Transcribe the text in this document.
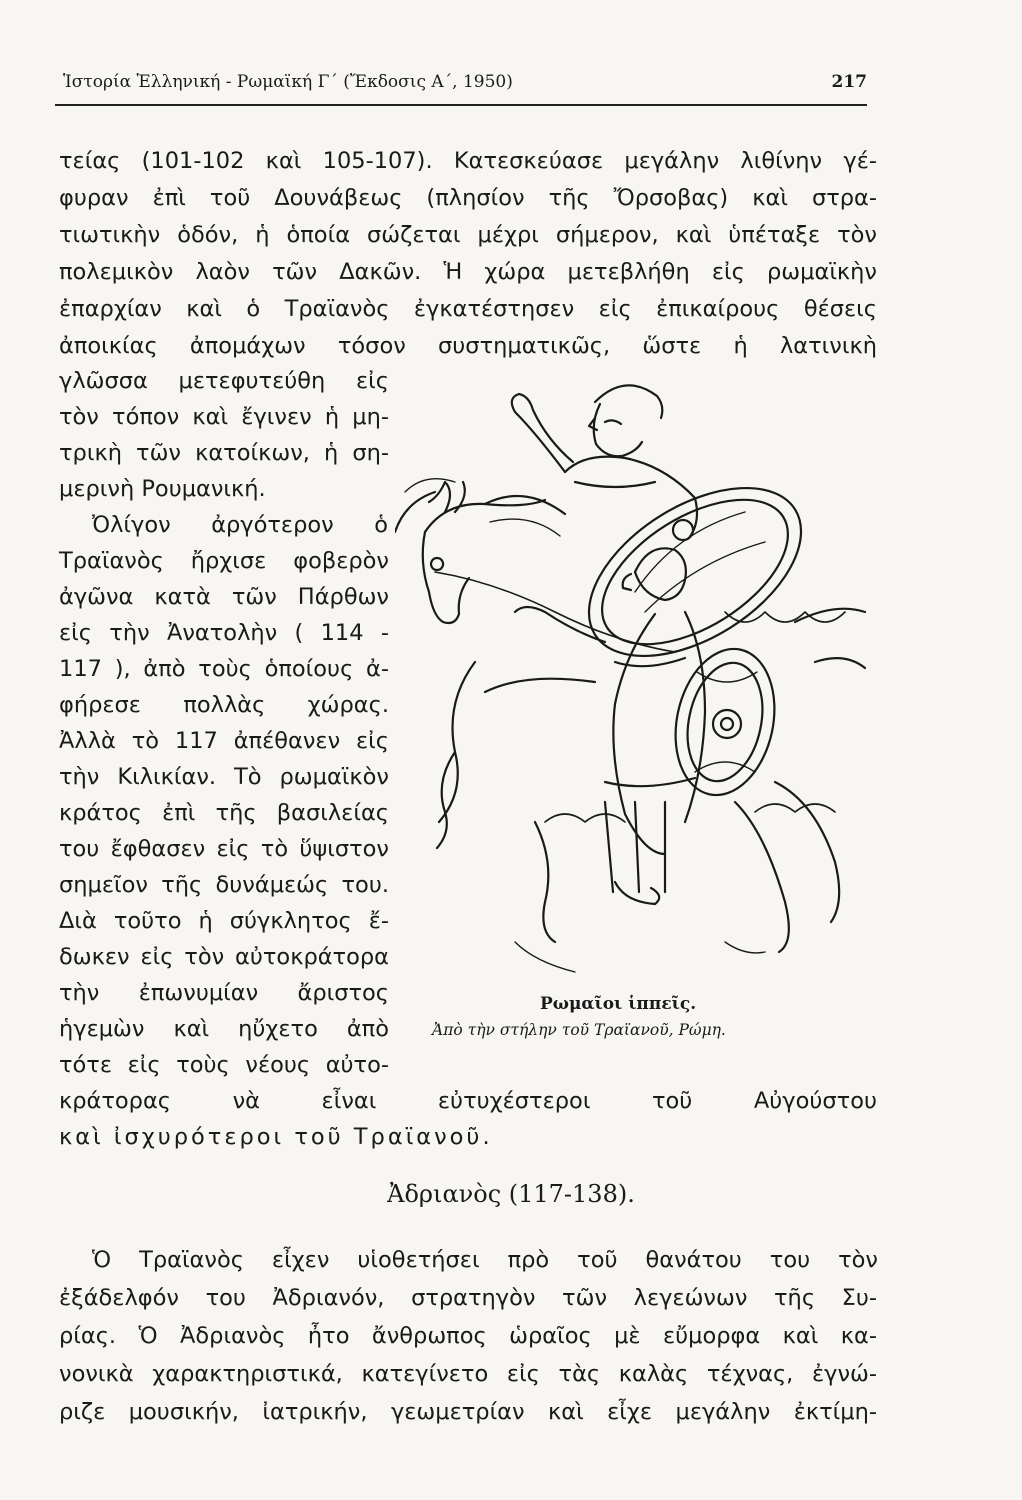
Ἱστορία Ἑλληνική - Ρωμαϊκή Γ΄ (Ἔκδοσις Α΄, 1950)	217
τείας (101-102 καὶ 105-107). Κατεσκεύασε μεγάλην λιθίνην γέ-
φυραν ἐπὶ τοῦ Δουνάβεως (πλησίον τῆς Ὄρσοβας) καὶ στρα-
τιωτικὴν ὁδόν, ἡ ὁποία σώζεται μέχρι σήμερον, καὶ ὑπέταξε τὸν
πολεμικὸν λαὸν τῶν Δακῶν. Ἡ χώρα μετεβλήθη εἰς ρωμαϊκὴν
ἐπαρχίαν καὶ ὁ Τραϊανὸς ἐγκατέστησεν εἰς ἐπικαίρους θέσεις
ἀποικίας ἀπομάχων τόσον συστηματικῶς, ὥστε ἡ λατινικὴ
γλῶσσα μετεφυτεύθη εἰς
τὸν τόπον καὶ ἔγινεν ἡ μη-
τρικὴ τῶν κατοίκων, ἡ ση-
μερινὴ Ρουμανική.
Ὀλίγον ἀργότερον ὁ
Τραϊανὸς ἤρχισε φοβερὸν
ἀγῶνα κατὰ τῶν Πάρθων
εἰς τὴν Ἀνατολὴν ( 114 -
117 ), ἀπὸ τοὺς ὁποίους ἀ-
φήρεσε πολλὰς χώρας.
Ἀλλὰ τὸ 117 ἀπέθανεν εἰς
τὴν Κιλικίαν. Τὸ ρωμαϊκὸν
κράτος ἐπὶ τῆς βασιλείας
του ἔφθασεν εἰς τὸ ὕψιστον
σημεῖον τῆς δυνάμεώς του.
Διὰ τοῦτο ἡ σύγκλητος ἔ-
δωκεν εἰς τὸν αὐτοκράτορα
τὴν ἐπωνυμίαν ἄριστος
ἡγεμὼν καὶ ηὔχετο ἀπὸ
τότε εἰς τοὺς νέους αὐτο-
κράτορας νὰ εἶναι εὐτυχέστεροι τοῦ Αὐγούστου
καὶ ἰσχυρότεροι τοῦ Τραϊανοῦ.
Ρωμαῖοι ἱππεῖς.
Ἀπὸ τὴν στήλην τοῦ Τραϊανοῦ, Ρώμη.
Ἀδριανὸς (117-138).
Ὁ Τραϊανὸς εἶχεν υἱοθετήσει πρὸ τοῦ θανάτου του τὸν
ἐξάδελφόν του Ἀδριανόν, στρατηγὸν τῶν λεγεώνων τῆς Συ-
ρίας. Ὁ Ἀδριανὸς ἦτο ἄνθρωπος ὡραῖος μὲ εὔμορφα καὶ κα-
νονικὰ χαρακτηριστικά, κατεγίνετο εἰς τὰς καλὰς τέχνας, ἐγνώ-
ριζε μουσικήν, ἰατρικήν, γεωμετρίαν καὶ εἶχε μεγάλην ἐκτίμη-
